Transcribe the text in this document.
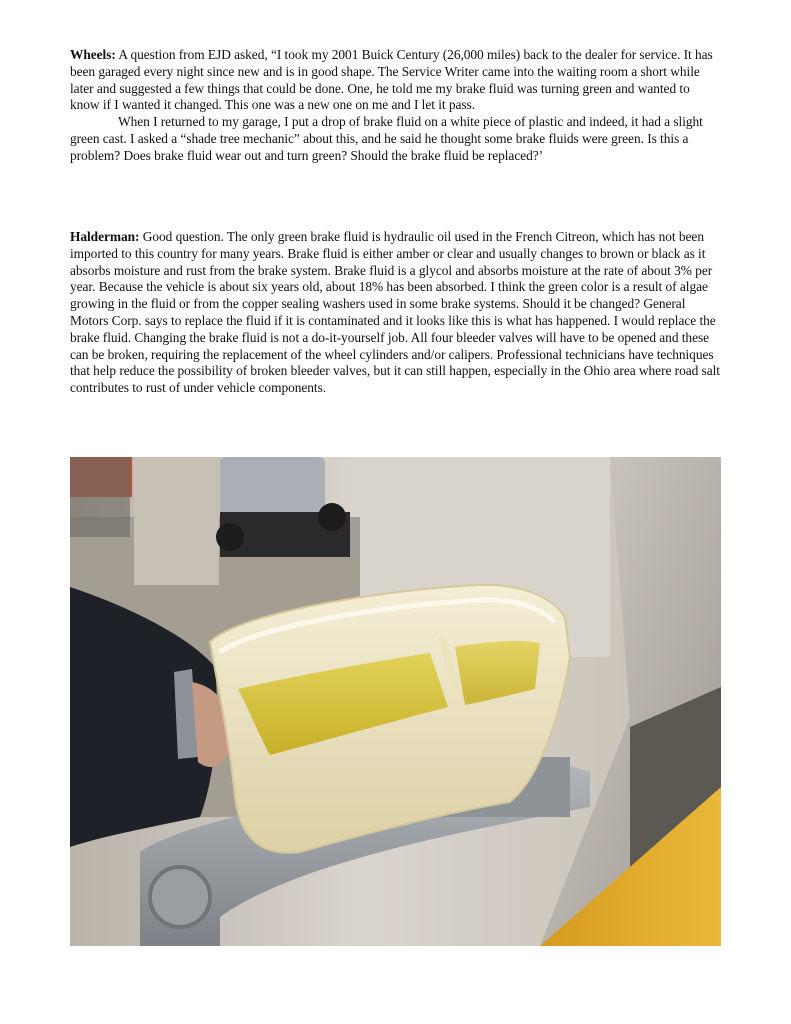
Wheels: A question from EJD asked, “I took my 2001 Buick Century (26,000 miles) back to the dealer for service. It has been garaged every night since new and is in good shape. The Service Writer came into the waiting room a short while later and suggested a few things that could be done. One, he told me my brake fluid was turning green and wanted to know if I wanted it changed. This one was a new one on me and I let it pass.

When I returned to my garage, I put a drop of brake fluid on a white piece of plastic and indeed, it had a slight green cast. I asked a “shade tree mechanic” about this, and he said he thought some brake fluids were green. Is this a problem? Does brake fluid wear out and turn green? Should the brake fluid be replaced?’

Halderman: Good question. The only green brake fluid is hydraulic oil used in the French Citreon, which has not been imported to this country for many years. Brake fluid is either amber or clear and usually changes to brown or black as it absorbs moisture and rust from the brake system. Brake fluid is a glycol and absorbs moisture at the rate of about 3% per year. Because the vehicle is about six years old, about 18% has been absorbed. I think the green color is a result of algae growing in the fluid or from the copper sealing washers used in some brake systems. Should it be changed? General Motors Corp. says to replace the fluid if it is contaminated and it looks like this is what has happened. I would replace the brake fluid. Changing the brake fluid is not a do-it-yourself job. All four bleeder valves will have to be opened and these can be broken, requiring the replacement of the wheel cylinders and/or calipers. Professional technicians have techniques that help reduce the possibility of broken bleeder valves, but it can still happen, especially in the Ohio area where road salt contributes to rust of under vehicle components.
